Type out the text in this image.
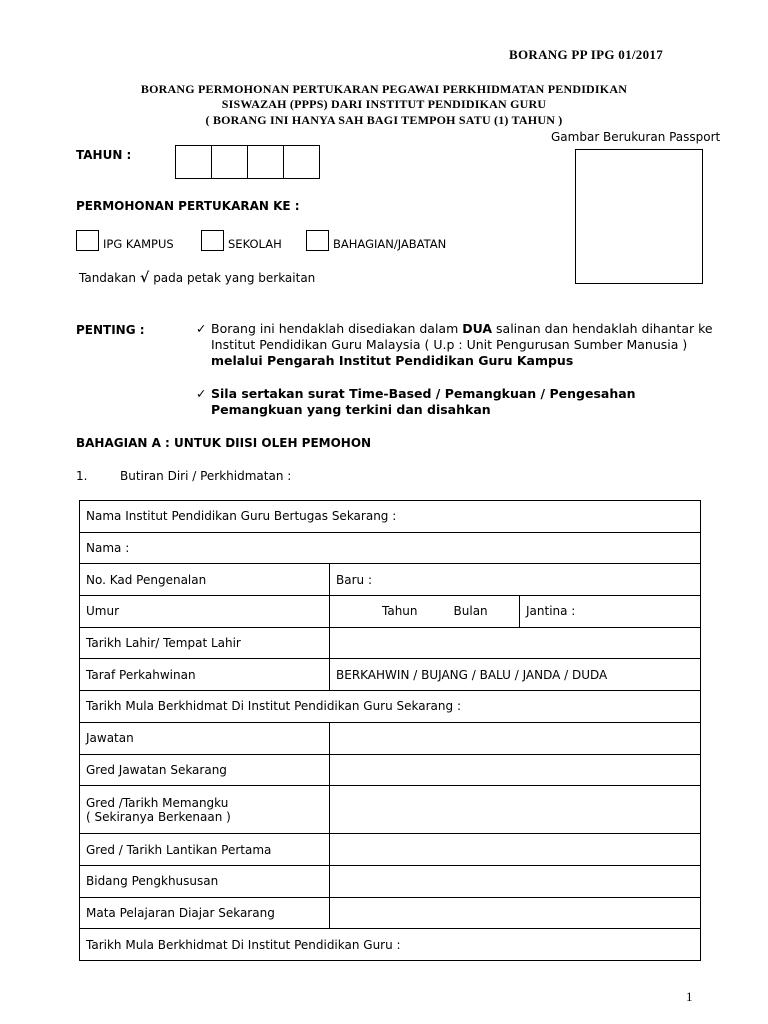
BORANG PP IPG 01/2017
BORANG PERMOHONAN PERTUKARAN PEGAWAI PERKHIDMATAN PENDIDIKAN
SISWAZAH (PPPS) DARI INSTITUT PENDIDIKAN GURU
( BORANG INI HANYA SAH BAGI TEMPOH SATU (1) TAHUN )
Gambar Berukuran Passport
TAHUN :
PERMOHONAN PERTUKARAN KE :
IPG KAMPUS	SEKOLAH	BAHAGIAN/JABATAN
Tandakan √ pada petak yang berkaitan
PENTING :	✓ Borang ini hendaklah disediakan dalam DUA salinan dan hendaklah dihantar ke Institut Pendidikan Guru Malaysia ( U.p : Unit Pengurusan Sumber Manusia )
melalui Pengarah Institut Pendidikan Guru Kampus
✓ Sila sertakan surat Time-Based / Pemangkuan / Pengesahan Pemangkuan yang terkini dan disahkan
BAHAGIAN A : UNTUK DIISI OLEH PEMOHON
1.	Butiran Diri / Perkhidmatan :
Nama Institut Pendidikan Guru Bertugas Sekarang :		
Nama :		
No. Kad Pengenalan	Baru :	
Umur	Tahun Bulan	Jantina :
Tarikh Lahir/ Tempat Lahir		
Taraf Perkahwinan	BERKAHWIN / BUJANG / BALU / JANDA / DUDA	
Tarikh Mula Berkhidmat Di Institut Pendidikan Guru Sekarang :		
Jawatan		
Gred Jawatan Sekarang		
Gred /Tarikh Memangku
( Sekiranya Berkenaan )		
Gred / Tarikh Lantikan Pertama		
Bidang Pengkhususan		
Mata Pelajaran Diajar Sekarang		
Tarikh Mula Berkhidmat Di Institut Pendidikan Guru :		
1
